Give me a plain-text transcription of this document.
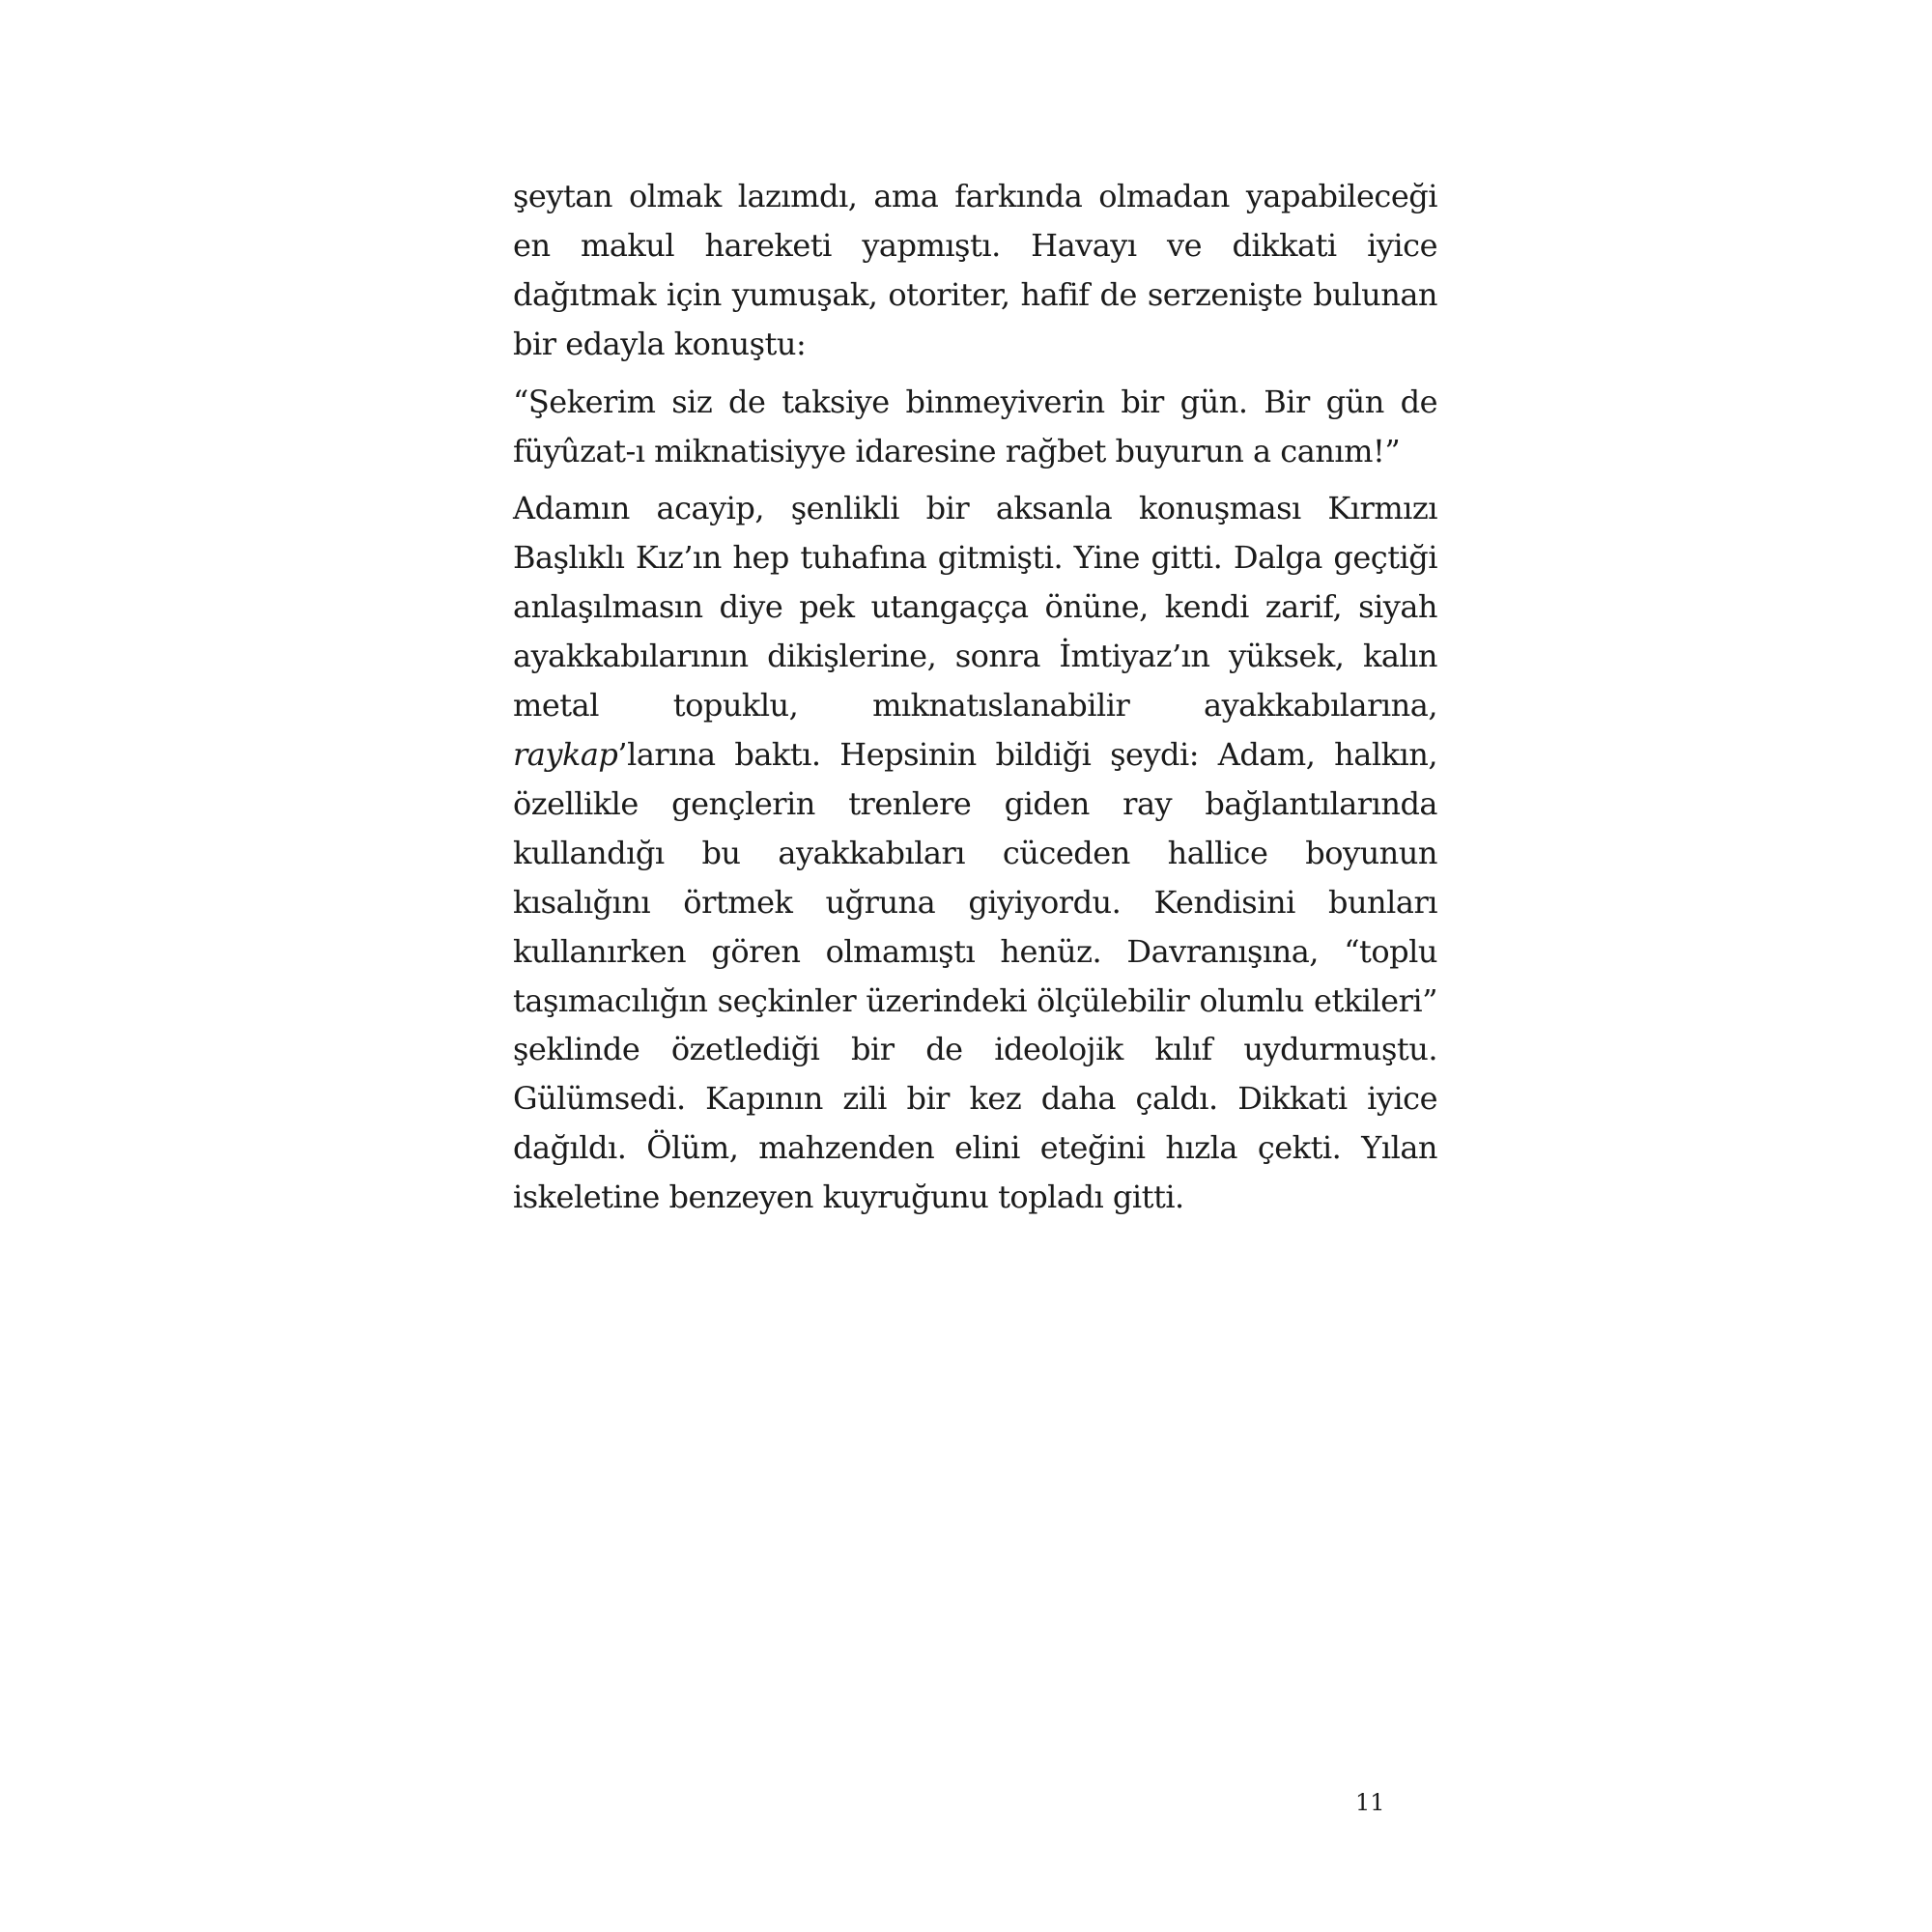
şeytan olmak lazımdı, ama farkında olmadan yapabileceği en makul hareketi yapmıştı. Havayı ve dikkati iyice dağıtmak için yumuşak, otoriter, hafif de serzenişte bulunan bir edayla konuştu:

“Şekerim siz de taksiye binmeyiverin bir gün. Bir gün de füyûzat-ı miknatisiyye idaresine rağbet buyurun a canım!”

Adamın acayip, şenlikli bir aksanla konuşması Kırmızı Başlıklı Kız’ın hep tuhafına gitmişti. Yine gitti. Dalga geçtiği anlaşılmasın diye pek utangaççа önüne, kendi zarif, siyah ayakkabılarının dikişlerine, sonra İmtiyaz’ın yüksek, kalın metal topuklu, mıknatıslanabilir ayakkabılarına, raykap’larına baktı. Hepsinin bildiği şeydi: Adam, halkın, özellikle gençlerin trenlere giden ray bağlantılarında kullandığı bu ayakkabıları cüceden hallice boyunun kısalığını örtmek uğruna giyiyordu. Kendisini bunları kullanırken gören olmamıştı henüz. Davranışına, “toplu taşımacılığın seçkinler üzerindeki ölçülebilir olumlu etkileri” şeklinde özetlediği bir de ideolojik kılıf uydurmuştu. Gülümsedi. Kapının zili bir kez daha çaldı. Dikkati iyice dağıldı. Ölüm, mahzenden elini eteğini hızla çekti. Yılan iskeletine benzeyen kuyruğunu topladı gitti.

11
